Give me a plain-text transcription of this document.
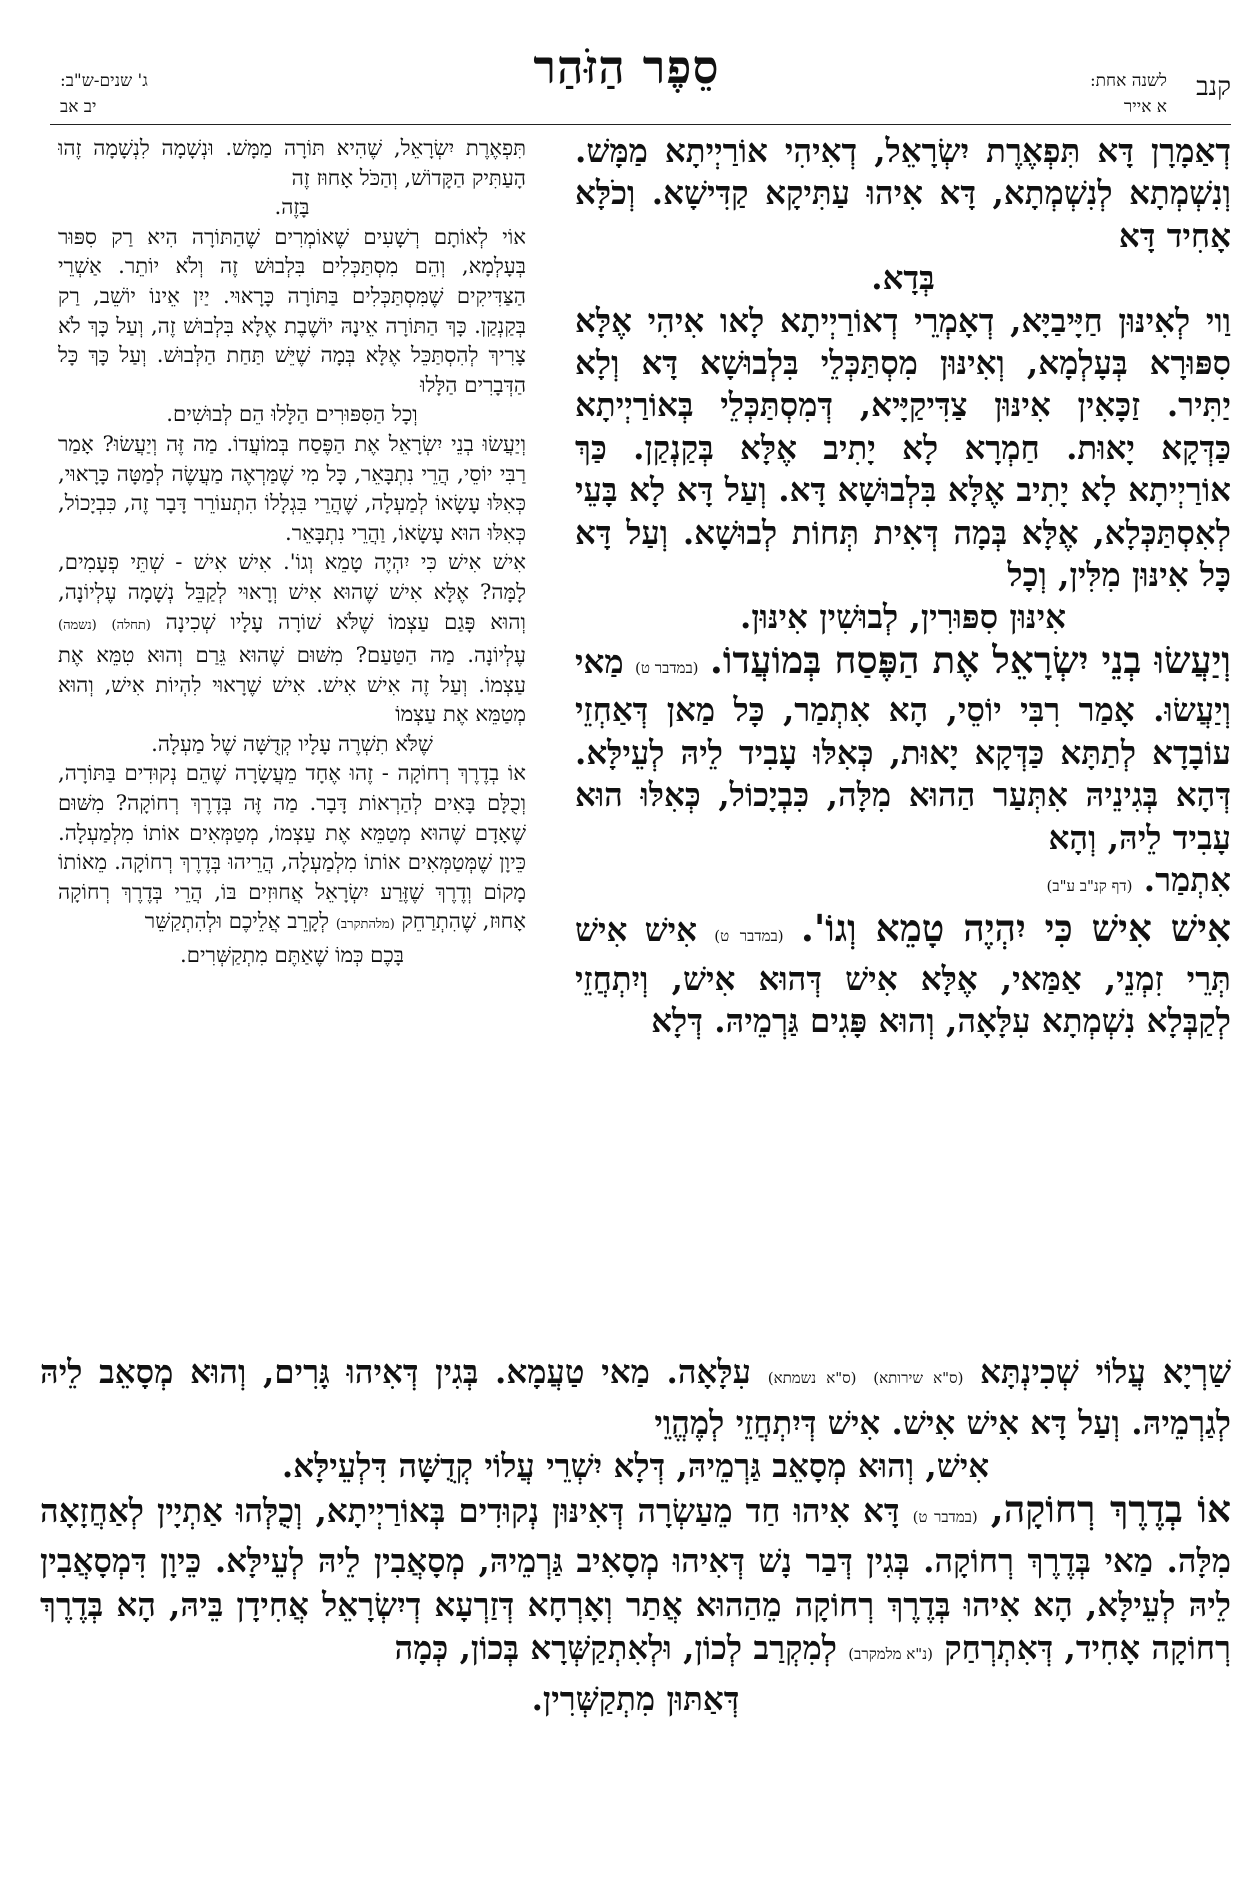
קנב
לשנה אחת:
א אייר
סֵפֶר הַזֹּהַר
ג' שנים-ש"ב:
יב אב

דְאַמָרָן דָּא תִּפְאֶרֶת יִשְׂרָאֵל, דְאִיהִי אוֹרַיְיתָא מַמָּשׁ. וְנִשְׁמְתָא לְנִשְׁמְתָא, דָּא אִיהוּ עַתִּיקָא קַדִּישָׁא. וְכֹלָּא אָחִיד דָּא

בְּדָא.

וַוי לְאִינּוּן חַיָּיבַיָּא, דְאָמְרֵי דְאוֹרַיְיתָא לָאו אִיהִי אֶלָּא סִפּוּרָא בְּעָלְמָא, וְאִינּוּן מִסְתַּכְּלֵי בִּלְבוּשָׁא דָּא וְלָא יַתִּיר. זַכָּאִין אִינּוּן צַדִּיקַיָּיא, דְּמִסְתַּכְּלֵי בְּאוֹרַיְיתָא כַּדְּקָא יָאוּת. חַמְרָא לָא יָתִיב אֶלָּא בְּקַנְקַן. כַּךְ אוֹרַיְיתָא לָא יָתִיב אֶלָּא בִּלְבוּשָׁא דָּא. וְעַל דָּא לָא בָּעֵי לְאִסְתַּכְּלָא, אֶלָּא בְּמָה דְּאִית תְּחוֹת לְבוּשָׁא. וְעַל דָּא כָּל אִינּוּן מִלִּין, וְכָל

אִינּוּן סִפּוּרִין, לְבוּשִׁין אִינּוּן.

וְיַעֲשׂוּ בְנֵי יִשְׂרָאֵל אֶת הַפֶּסַח בְּמוֹעֲדוֹ. (במדבר ט) מַאי וְיַעֲשׂוּ. אָמַר רִבִּי יוֹסֵי, הָא אִתְמַר, כָּל מַאן דְּאַחְזֵי עוֹבָדָא לְתַתָּא כַּדְּקָא יָאוּת, כְּאִלּוּ עָבִיד לֵיהּ לְעֵילָּא. דְּהָא בְּגִינֵיהּ אִתְּעַר הַהוּא מִלָּה, כִּבְיָכוֹל, כְּאִלּוּ הוּא עָבִיד לֵיהּ, וְהָא

אִתְמַר. (דף קנ"ב ע"ב)

אִישׁ אִישׁ כִּי יִהְיֶה טָמֵא וְגוֹ'. (במדבר ט) אִישׁ אִישׁ תְּרֵי זִמְנֵי, אַמַּאי, אֶלָּא אִישׁ דְּהוּא אִישׁ, וְיִתְחֲזֵי לְקַבְּלָא נִשְׁמְתָא עִלָּאָה, וְהוּא פָּגִים גַּרְמֵיהּ. דְּלָא

תִּפְאֶרֶת יִשְׂרָאֵל, שֶׁהִיא תּוֹרָה מַמָּשׁ. וּנְשָׁמָה לִנְשָׁמָה זֶהוּ הָעַתִּיק הַקָּדוֹשׁ, וְהַכֹּל אָחוּז זֶה

בָּזֶה.

אוֹי לְאוֹתָם רְשָׁעִים שֶׁאוֹמְרִים שֶׁהַתּוֹרָה הִיא רַק סִפּוּר בְּעָלְמָא, וְהֵם מִסְתַּכְּלִים בִּלְבוּשׁ זֶה וְלֹא יוֹתֵר. אַשְׁרֵי הַצַּדִּיקִים שֶׁמִּסְתַּכְּלִים בַּתּוֹרָה כָּרָאוּי. יַיִן אֵינוֹ יוֹשֵׁב, רַק בְּקַנְקַן. כָּךְ הַתּוֹרָה אֵינָהּ יוֹשֶׁבֶת אֶלָּא בִּלְבוּשׁ זֶה, וְעַל כָּךְ לֹא צָרִיךְ לְהִסְתַּכֵּל אֶלָּא בְּמָה שֶׁיֵּשׁ תַּחַת הַלְּבוּשׁ. וְעַל כָּךְ כָּל הַדְּבָרִים הַלָּלוּ

וְכָל הַסִּפּוּרִים הַלָּלוּ הֵם לְבוּשִׁים.

וְיַעֲשׂוּ בְנֵי יִשְׂרָאֵל אֶת הַפֶּסַח בְּמוֹעֲדוֹ. מַה זֶּה וְיַעֲשׂוּ? אָמַר רַבִּי יוֹסֵי, הֲרֵי נִתְבָּאֵר, כָּל מִי שֶׁמַּרְאֶה מַעֲשֶׂה לְמַטָּה כָּרָאוּי, כְּאִלּוּ עָשָׂאוֹ לְמַעְלָה, שֶׁהֲרֵי בִּגְלָלוֹ הִתְעוֹרֵר דָּבָר זֶה, כִּבְיָכוֹל, כְּאִלּוּ הוּא עָשָׂאוֹ, וַהֲרֵי נִתְבָּאֵר.

אִישׁ אִישׁ כִּי יִהְיֶה טָמֵא וְגוֹ'. אִישׁ אִישׁ - שְׁתֵּי פְעָמִים, לָמָּה? אֶלָּא אִישׁ שֶׁהוּא אִישׁ וְרָאוּי לְקַבֵּל נְשָׁמָה עֶלְיוֹנָה, וְהוּא פָּגַם עַצְמוֹ שֶׁלֹּא שׁוֹרָה עָלָיו שְׁכִינָה (תחלה) (נשמה) עֶלְיוֹנָה. מַה הַטַּעַם? מִשּׁוּם שֶׁהוּא גֵּרַם וְהוּא טִמֵּא אֶת עַצְמוֹ. וְעַל זֶה אִישׁ אִישׁ. אִישׁ שֶׁרָאוּי לִהְיוֹת אִישׁ, וְהוּא מְטַמֵּא אֶת עַצְמוֹ

שֶׁלֹּא תִשְׁרֶה עָלָיו קְדֻשָּׁה שֶׁל מַעְלָה.

אוֹ בְדֶרֶךְ רְחוֹקָה - זֶהוּ אֶחָד מֵעֲשָׂרָה שֶׁהֵם נְקוּדִים בַּתּוֹרָה, וְכֻלָּם בָּאִים לְהַרְאוֹת דָּבָר. מַה זֶּה בְּדֶרֶךְ רְחוֹקָה? מִשּׁוּם שֶׁאָדָם שֶׁהוּא מְטַמֵּא אֶת עַצְמוֹ, מְטַמְּאִים אוֹתוֹ מִלְמַעְלָה. כֵּיוָן שֶׁמְּטַמְּאִים אוֹתוֹ מִלְמַעְלָה, הֲרֵיהוּ בְּדֶרֶךְ רְחוֹקָה. מֵאוֹתוֹ מָקוֹם וְדֶרֶךְ שֶׁזֶּרַע יִשְׂרָאֵל אֲחוּזִים בּוֹ, הֲרֵי בְּדֶרֶךְ רְחוֹקָה אָחוּז, שֶׁהִתְרַחֵק (מלהתקרב) לְקָרֵב אֲלֵיכֶם וּלְהִתְקַשֵּׁר

בָּכֶם כְּמוֹ שֶׁאַתֶּם מִתְקַשְּׁרִים.

שַׁרְיָא עֲלוֹי שְׁכִינְתָּא (ס"א שירותא) (ס"א נשמתא) עִלָּאָה. מַאי טַעֲמָא. בְּגִין דְּאִיהוּ גָּרִים, וְהוּא מְסָאֵב לֵיהּ לְגַרְמֵיהּ. וְעַל דָּא אִישׁ אִישׁ. אִישׁ דְּיִתְחֲזֵי לְמֶהֱוֵי

אִישׁ, וְהוּא מְסָאֵב גַּרְמֵיהּ, דְּלָא יִשְׁרֵי עֲלוֹי קְדֻשָּׁה דִּלְעֵילָּא.

אוֹ בְדֶרֶךְ רְחוֹקָה, (במדבר ט) דָּא אִיהוּ חַד מֵעַשְׂרָה דְּאִינּוּן נְקוּדִים בְּאוֹרַיְיתָא, וְכֻלְּהוּ אַתְיָין לְאַחֲזָאָה מִלָּה. מַאי בְּדֶרֶךְ רְחוֹקָה. בְּגִין דְּבַר נָשׁ דְּאִיהוּ מְסָאִיב גַּרְמֵיהּ, מְסָאֲבִין לֵיהּ לְעֵילָּא. כֵּיוָן דִּמְסָאֲבִין לֵיהּ לְעֵילָּא, הָא אִיהוּ בְּדֶרֶךְ רְחוֹקָה מֵהַהוּא אֲתַר וְאָרְחָא דְּזַרְעָא דְיִשְׂרָאֵל אֲחִידָן בֵּיהּ, הָא בְּדֶרֶךְ רְחוֹקָה אָחִיד, דְּאִתְרְחַק (נ"א מלמקרב) לְמִקְרַב לְכוֹן, וּלְאִתְקַשְּׁרָא בְּכוֹן, כְּמָה

דְּאַתּוּן מִתְקַשְּׁרִין.
